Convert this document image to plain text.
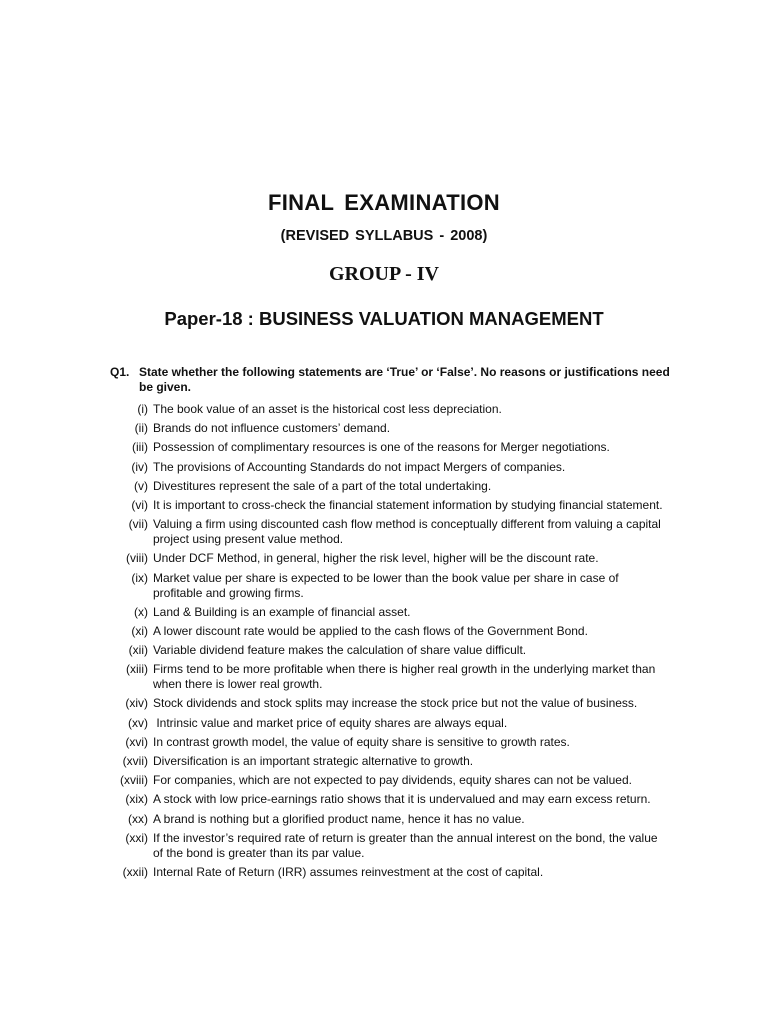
FINAL EXAMINATION
(REVISED SYLLABUS - 2008)
GROUP - IV
Paper-18 : BUSINESS VALUATION MANAGEMENT
Q1. State whether the following statements are ‘True’ or ‘False’. No reasons or justifications need be given.
(i) The book value of an asset is the historical cost less depreciation.
(ii) Brands do not influence customers’ demand.
(iii) Possession of complimentary resources is one of the reasons for Merger negotiations.
(iv) The provisions of Accounting Standards do not impact Mergers of companies.
(v) Divestitures represent the sale of a part of the total undertaking.
(vi) It is important to cross-check the financial statement information by studying financial statement.
(vii) Valuing a firm using discounted cash flow method is conceptually different from valuing a capital project using present value method.
(viii) Under DCF Method, in general, higher the risk level, higher will be the discount rate.
(ix) Market value per share is expected to be lower than the book value per share in case of profitable and growing firms.
(x) Land & Building is an example of financial asset.
(xi) A lower discount rate would be applied to the cash flows of the Government Bond.
(xii) Variable dividend feature makes the calculation of share value difficult.
(xiii) Firms tend to be more profitable when there is higher real growth in the underlying market than when there is lower real growth.
(xiv) Stock dividends and stock splits may increase the stock price but not the value of business.
(xv) Intrinsic value and market price of equity shares are always equal.
(xvi) In contrast growth model, the value of equity share is sensitive to growth rates.
(xvii) Diversification is an important strategic alternative to growth.
(xviii) For companies, which are not expected to pay dividends, equity shares can not be valued.
(xix) A stock with low price-earnings ratio shows that it is undervalued and may earn excess return.
(xx) A brand is nothing but a glorified product name, hence it has no value.
(xxi) If the investor’s required rate of return is greater than the annual interest on the bond, the value of the bond is greater than its par value.
(xxii) Internal Rate of Return (IRR) assumes reinvestment at the cost of capital.
